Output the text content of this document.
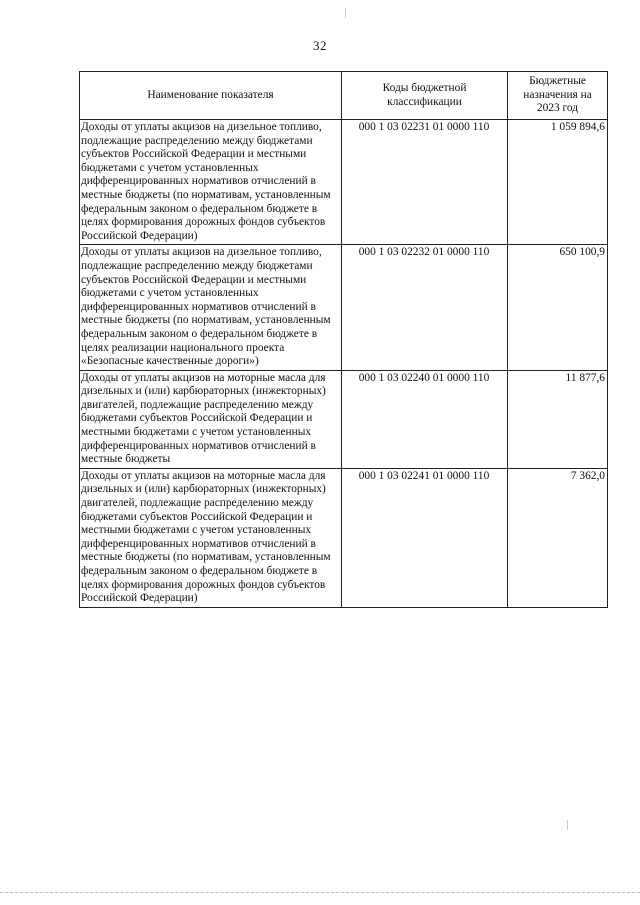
32
Наименование показателя	Коды бюджетной классификации	Бюджетные назначения на 2023 год
Доходы от уплаты акцизов на дизельное топливо, подлежащие распределению между бюджетами субъектов Российской Федерации и местными бюджетами с учетом установленных дифференцированных нормативов отчислений в местные бюджеты (по нормативам, установленным федеральным законом о федеральном бюджете в целях формирования дорожных фондов субъектов Российской Федерации)	000 1 03 02231 01 0000 110	1 059 894,6
Доходы от уплаты акцизов на дизельное топливо, подлежащие распределению между бюджетами субъектов Российской Федерации и местными бюджетами с учетом установленных дифференцированных нормативов отчислений в местные бюджеты (по нормативам, установленным федеральным законом о федеральном бюджете в целях реализации национального проекта «Безопасные качественные дороги»)	000 1 03 02232 01 0000 110	650 100,9
Доходы от уплаты акцизов на моторные масла для дизельных и (или) карбюраторных (инжекторных) двигателей, подлежащие распределению между бюджетами субъектов Российской Федерации и местными бюджетами с учетом установленных дифференцированных нормативов отчислений в местные бюджеты	000 1 03 02240 01 0000 110	11 877,6
Доходы от уплаты акцизов на моторные масла для дизельных и (или) карбюраторных (инжекторных) двигателей, подлежащие распределению между бюджетами субъектов Российской Федерации и местными бюджетами с учетом установленных дифференцированных нормативов отчислений в местные бюджеты (по нормативам, установленным федеральным законом о федеральном бюджете в целях формирования дорожных фондов субъектов Российской Федерации)	000 1 03 02241 01 0000 110	7 362,0
